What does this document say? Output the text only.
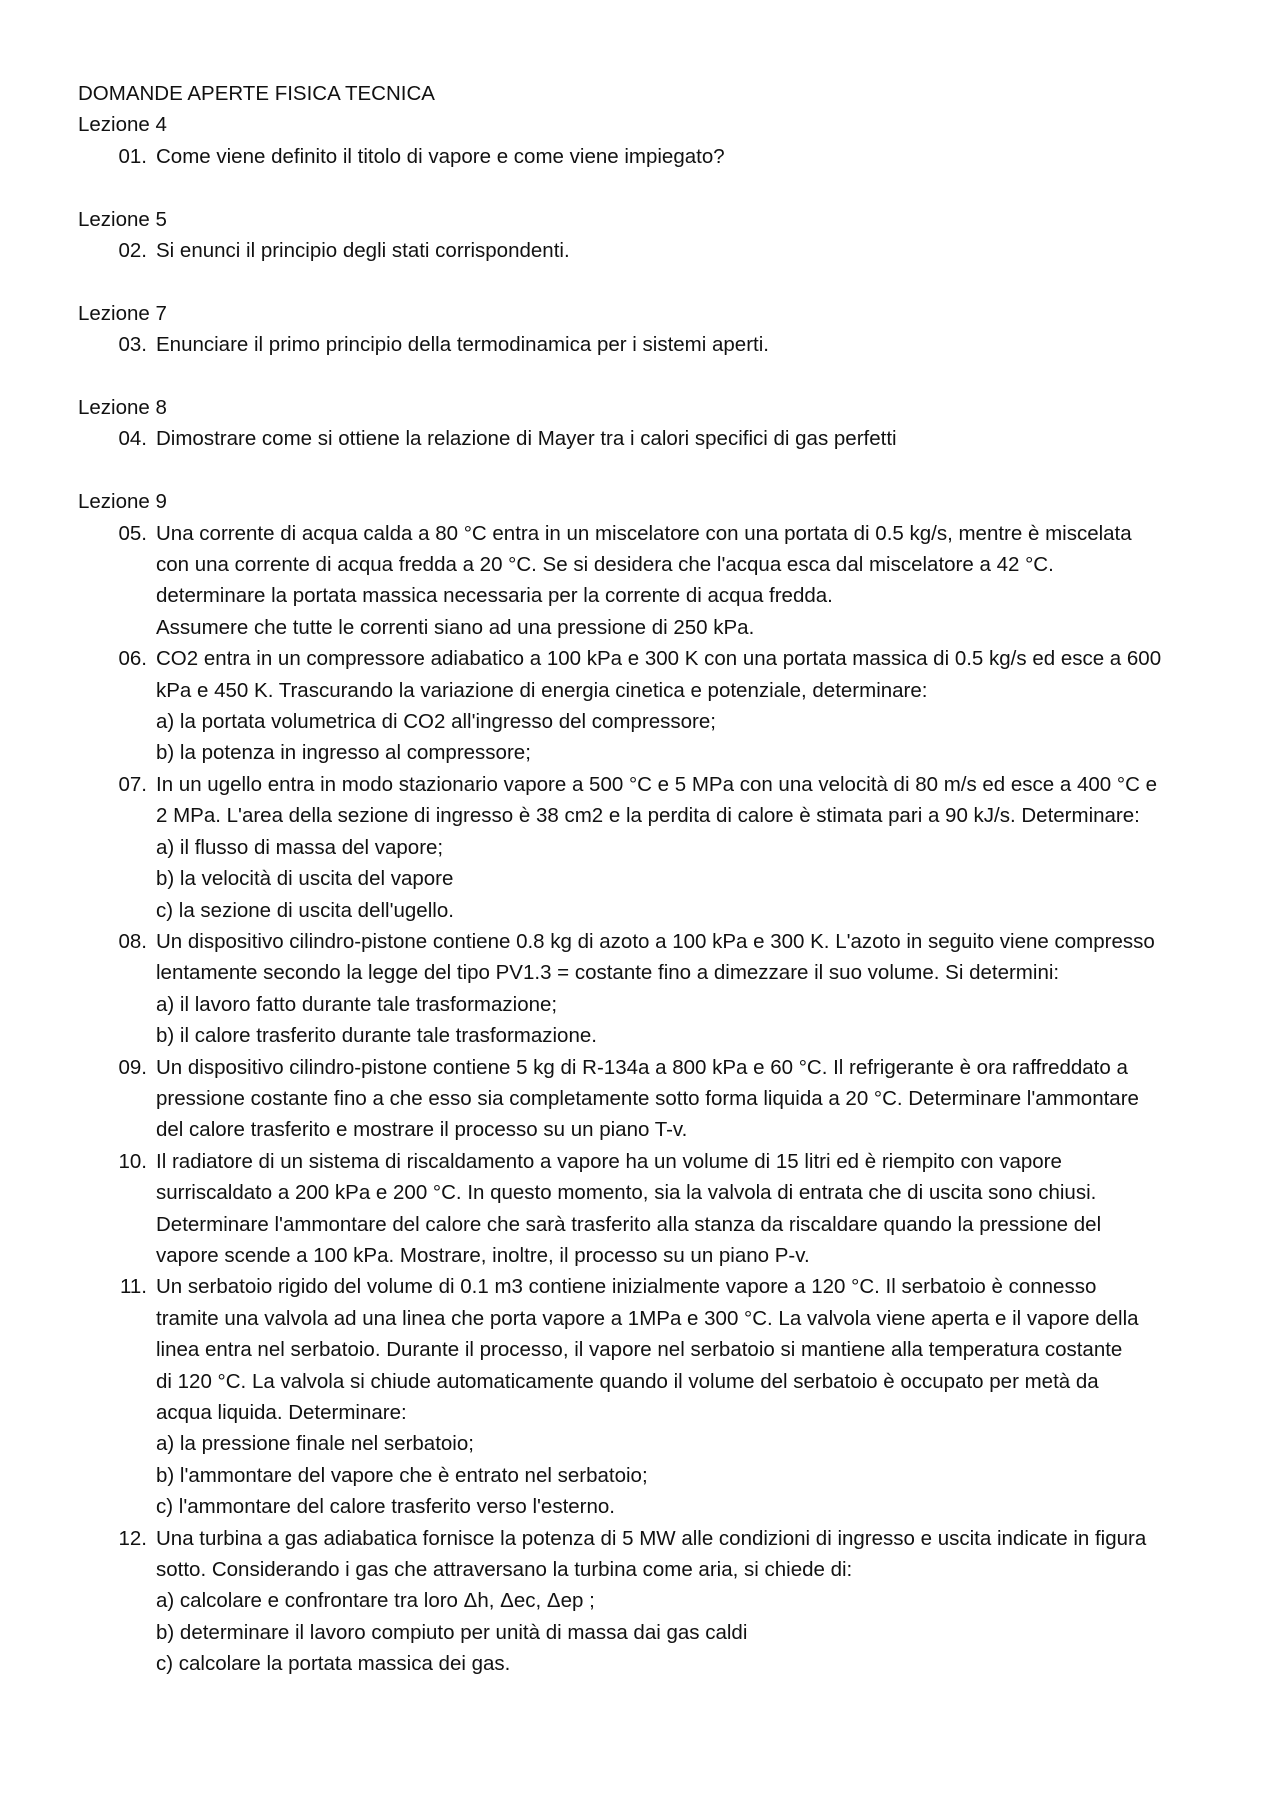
DOMANDE APERTE FISICA TECNICA
Lezione 4
01. Come viene definito il titolo di vapore e come viene impiegato?
Lezione 5
02. Si enunci il principio degli stati corrispondenti.
Lezione 7
03. Enunciare il primo principio della termodinamica per i sistemi aperti.
Lezione 8
04. Dimostrare come si ottiene la relazione di Mayer tra i calori specifici di gas perfetti
Lezione 9
05. Una corrente di acqua calda a 80 °C entra in un miscelatore con una portata di 0.5 kg/s, mentre è miscelata
con una corrente di acqua fredda a 20 °C. Se si desidera che l'acqua esca dal miscelatore a 42 °C.
determinare la portata massica necessaria per la corrente di acqua fredda.
Assumere che tutte le correnti siano ad una pressione di 250 kPa.
06. CO2 entra in un compressore adiabatico a 100 kPa e 300 K con una portata massica di 0.5 kg/s ed esce a 600
kPa e 450 K. Trascurando la variazione di energia cinetica e potenziale, determinare:
a) la portata volumetrica di CO2 all'ingresso del compressore;
b) la potenza in ingresso al compressore;
07. In un ugello entra in modo stazionario vapore a 500 °C e 5 MPa con una velocità di 80 m/s ed esce a 400 °C e
2 MPa. L'area della sezione di ingresso è 38 cm2 e la perdita di calore è stimata pari a 90 kJ/s. Determinare:
a) il flusso di massa del vapore;
b) la velocità di uscita del vapore
c) la sezione di uscita dell'ugello.
08. Un dispositivo cilindro-pistone contiene 0.8 kg di azoto a 100 kPa e 300 K. L'azoto in seguito viene compresso
lentamente secondo la legge del tipo PV1.3 = costante fino a dimezzare il suo volume. Si determini:
a) il lavoro fatto durante tale trasformazione;
b) il calore trasferito durante tale trasformazione.
09. Un dispositivo cilindro-pistone contiene 5 kg di R-134a a 800 kPa e 60 °C. Il refrigerante è ora raffreddato a
pressione costante fino a che esso sia completamente sotto forma liquida a 20 °C. Determinare l'ammontare
del calore trasferito e mostrare il processo su un piano T-v.
10. Il radiatore di un sistema di riscaldamento a vapore ha un volume di 15 litri ed è riempito con vapore
surriscaldato a 200 kPa e 200 °C. In questo momento, sia la valvola di entrata che di uscita sono chiusi.
Determinare l'ammontare del calore che sarà trasferito alla stanza da riscaldare quando la pressione del
vapore scende a 100 kPa. Mostrare, inoltre, il processo su un piano P-v.
11. Un serbatoio rigido del volume di 0.1 m3 contiene inizialmente vapore a 120 °C. Il serbatoio è connesso
tramite una valvola ad una linea che porta vapore a 1MPa e 300 °C. La valvola viene aperta e il vapore della
linea entra nel serbatoio. Durante il processo, il vapore nel serbatoio si mantiene alla temperatura costante
di 120 °C. La valvola si chiude automaticamente quando il volume del serbatoio è occupato per metà da
acqua liquida. Determinare:
a) la pressione finale nel serbatoio;
b) l'ammontare del vapore che è entrato nel serbatoio;
c) l'ammontare del calore trasferito verso l'esterno.
12. Una turbina a gas adiabatica fornisce la potenza di 5 MW alle condizioni di ingresso e uscita indicate in figura
sotto. Considerando i gas che attraversano la turbina come aria, si chiede di:
a) calcolare e confrontare tra loro Δh, Δec, Δep ;
b) determinare il lavoro compiuto per unità di massa dai gas caldi
c) calcolare la portata massica dei gas.
